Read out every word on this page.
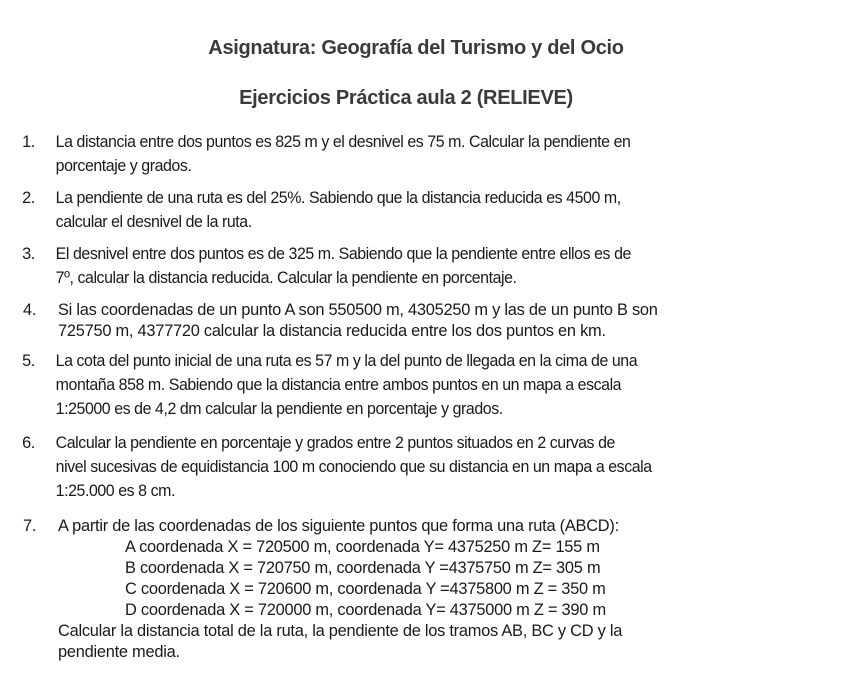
Asignatura: Geografía del Turismo y del Ocio
Ejercicios Práctica aula 2 (RELIEVE)
1. La distancia entre dos puntos es 825 m y el desnivel es 75 m. Calcular la pendiente en
porcentaje y grados.
2. La pendiente de una ruta es del 25%. Sabiendo que la distancia reducida es 4500 m,
calcular el desnivel de la ruta.
3. El desnivel entre dos puntos es de 325 m. Sabiendo que la pendiente entre ellos es de
7º, calcular la distancia reducida. Calcular la pendiente en porcentaje.
4. Si las coordenadas de un punto A son 550500 m, 4305250 m y las de un punto B son
725750 m, 4377720 calcular la distancia reducida entre los dos puntos en km.
5. La cota del punto inicial de una ruta es 57 m y la del punto de llegada en la cima de una
montaña 858 m. Sabiendo que la distancia entre ambos puntos en un mapa a escala
1:25000 es de 4,2 dm calcular la pendiente en porcentaje y grados.
6. Calcular la pendiente en porcentaje y grados entre 2 puntos situados en 2 curvas de
nivel sucesivas de equidistancia 100 m conociendo que su distancia en un mapa a escala
1:25.000 es 8 cm.
7. A partir de las coordenadas de los siguiente puntos que forma una ruta (ABCD):
A coordenada X = 720500 m, coordenada Y= 4375250 m Z= 155 m
B coordenada X = 720750 m, coordenada Y =4375750 m Z= 305 m
C coordenada X = 720600 m, coordenada Y =4375800 m Z = 350 m
D coordenada X = 720000 m, coordenada Y= 4375000 m Z = 390 m
Calcular la distancia total de la ruta, la pendiente de los tramos AB, BC y CD y la
pendiente media.
